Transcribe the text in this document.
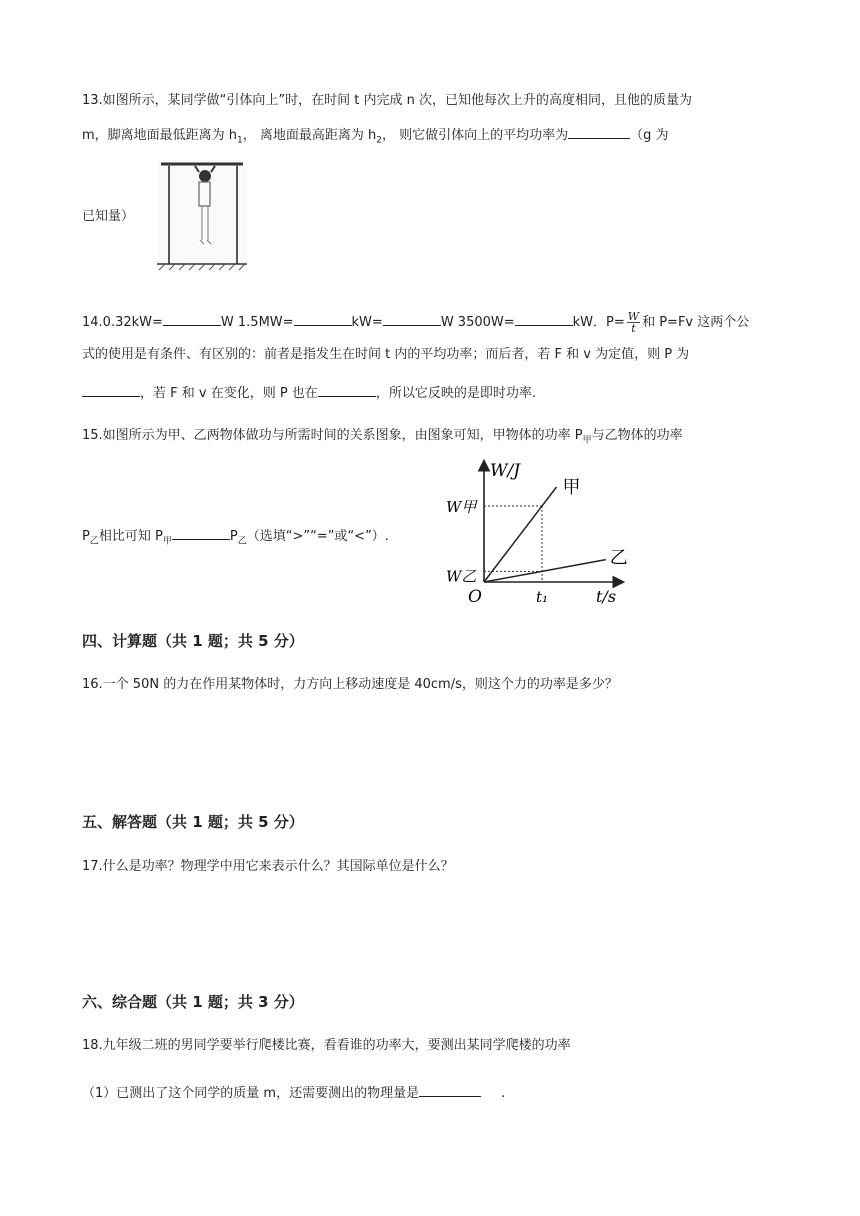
13.如图所示，某同学做“引体向上”时，在时间 t 内完成 n 次，已知他每次上升的高度相同，且他的质量为
m，脚离地面最低距离为 $h_1$， 离地面最高距离为 $h_2$， 则它做引体向上的平均功率为	（g 为
已知量）
14.0.32kW=	W 1.5MW=	kW=	W 3500W=	kW．$P= \frac{W}{t}$ 和 P=Fv 这两个公
式的使用是有条件、有区别的：前者是指发生在时间 t 内的平均功率；而后者，若 F 和 v 为定值，则 P 为
，若 F 和 v 在变化，则 P 也在	，所以它反映的是即时功率.
15.如图所示为甲、乙两物体做功与所需时间的关系图象，由图象可知，甲物体的功率 $P_甲$与乙物体的功率
$P_乙$相比可知 $P_甲$	$P_乙$（选填“>”“=”或“<”）.
W/J
t/s
O
甲
乙
W甲
W乙
t₁
四、计算题（共 1 题；共 5 分）
16.一个 50N 的力在作用某物体时，力方向上移动速度是 40cm/s，则这个力的功率是多少？
五、解答题（共 1 题；共 5 分）
17.什么是功率？物理学中用它来表示什么？其国际单位是什么？
六、综合题（共 1 题；共 3 分）
18.九年级二班的男同学要举行爬楼比赛，看看谁的功率大，要测出某同学爬楼的功率
（1）已测出了这个同学的质量 m，还需要测出的物理量是	.
